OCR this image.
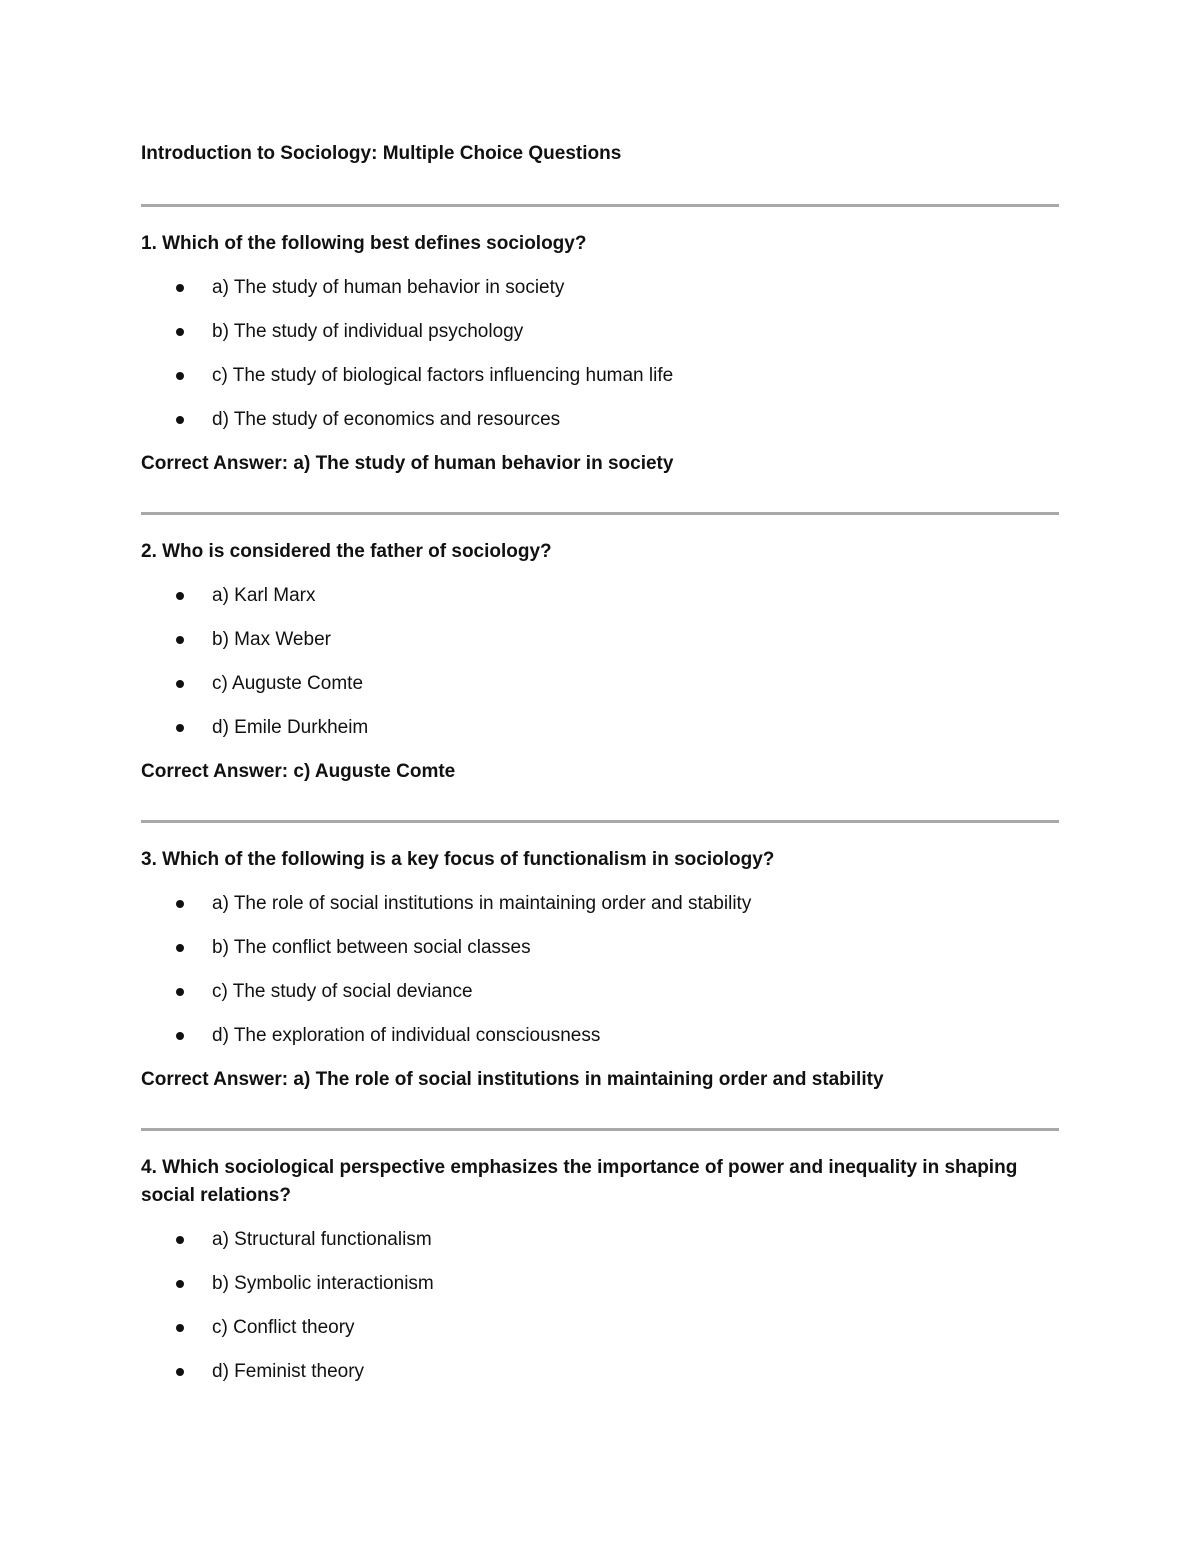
Introduction to Sociology: Multiple Choice Questions

1. Which of the following best defines sociology?

a) The study of human behavior in society
b) The study of individual psychology
c) The study of biological factors influencing human life
d) The study of economics and resources

Correct Answer: a) The study of human behavior in society

2. Who is considered the father of sociology?

a) Karl Marx
b) Max Weber
c) Auguste Comte
d) Emile Durkheim

Correct Answer: c) Auguste Comte

3. Which of the following is a key focus of functionalism in sociology?

a) The role of social institutions in maintaining order and stability
b) The conflict between social classes
c) The study of social deviance
d) The exploration of individual consciousness

Correct Answer: a) The role of social institutions in maintaining order and stability

4. Which sociological perspective emphasizes the importance of power and inequality in shaping social relations?

a) Structural functionalism
b) Symbolic interactionism
c) Conflict theory
d) Feminist theory
